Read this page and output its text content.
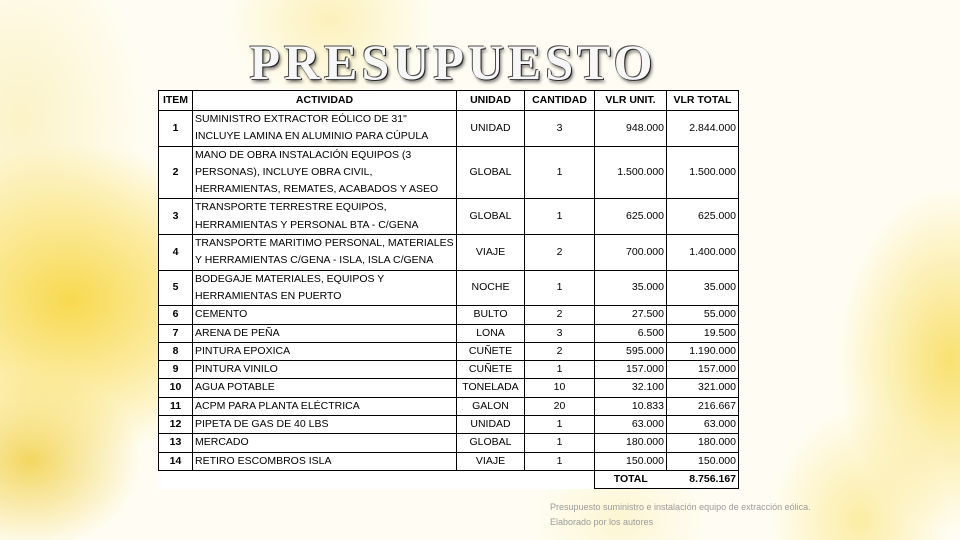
PRESUPUESTO
ITEM	ACTIVIDAD	UNIDAD	CANTIDAD	VLR UNIT.	VLR TOTAL
1	SUMINISTRO EXTRACTOR EÓLICO DE 31" INCLUYE LAMINA EN ALUMINIO PARA CÚPULA	UNIDAD	3	948.000	2.844.000
2	MANO DE OBRA INSTALACIÓN EQUIPOS (3 PERSONAS), INCLUYE OBRA CIVIL, HERRAMIENTAS, REMATES, ACABADOS Y ASEO	GLOBAL	1	1.500.000	1.500.000
3	TRANSPORTE TERRESTRE EQUIPOS, HERRAMIENTAS Y PERSONAL BTA - C/GENA	GLOBAL	1	625.000	625.000
4	TRANSPORTE MARITIMO PERSONAL, MATERIALES Y HERRAMIENTAS C/GENA - ISLA, ISLA C/GENA	VIAJE	2	700.000	1.400.000
5	BODEGAJE MATERIALES, EQUIPOS Y HERRAMIENTAS EN PUERTO	NOCHE	1	35.000	35.000
6	CEMENTO	BULTO	2	27.500	55.000
7	ARENA DE PEÑA	LONA	3	6.500	19.500
8	PINTURA EPOXICA	CUÑETE	2	595.000	1.190.000
9	PINTURA VINILO	CUÑETE	1	157.000	157.000
10	AGUA POTABLE	TONELADA	10	32.100	321.000
11	ACPM PARA PLANTA ELÉCTRICA	GALON	20	10.833	216.667
12	PIPETA DE GAS DE 40 LBS	UNIDAD	1	63.000	63.000
13	MERCADO	GLOBAL	1	180.000	180.000
14	RETIRO ESCOMBROS ISLA	VIAJE	1	150.000	150.000
				TOTAL	8.756.167
Presupuesto suministro e instalación equipo de extracción eólica. Elaborado por los autores
